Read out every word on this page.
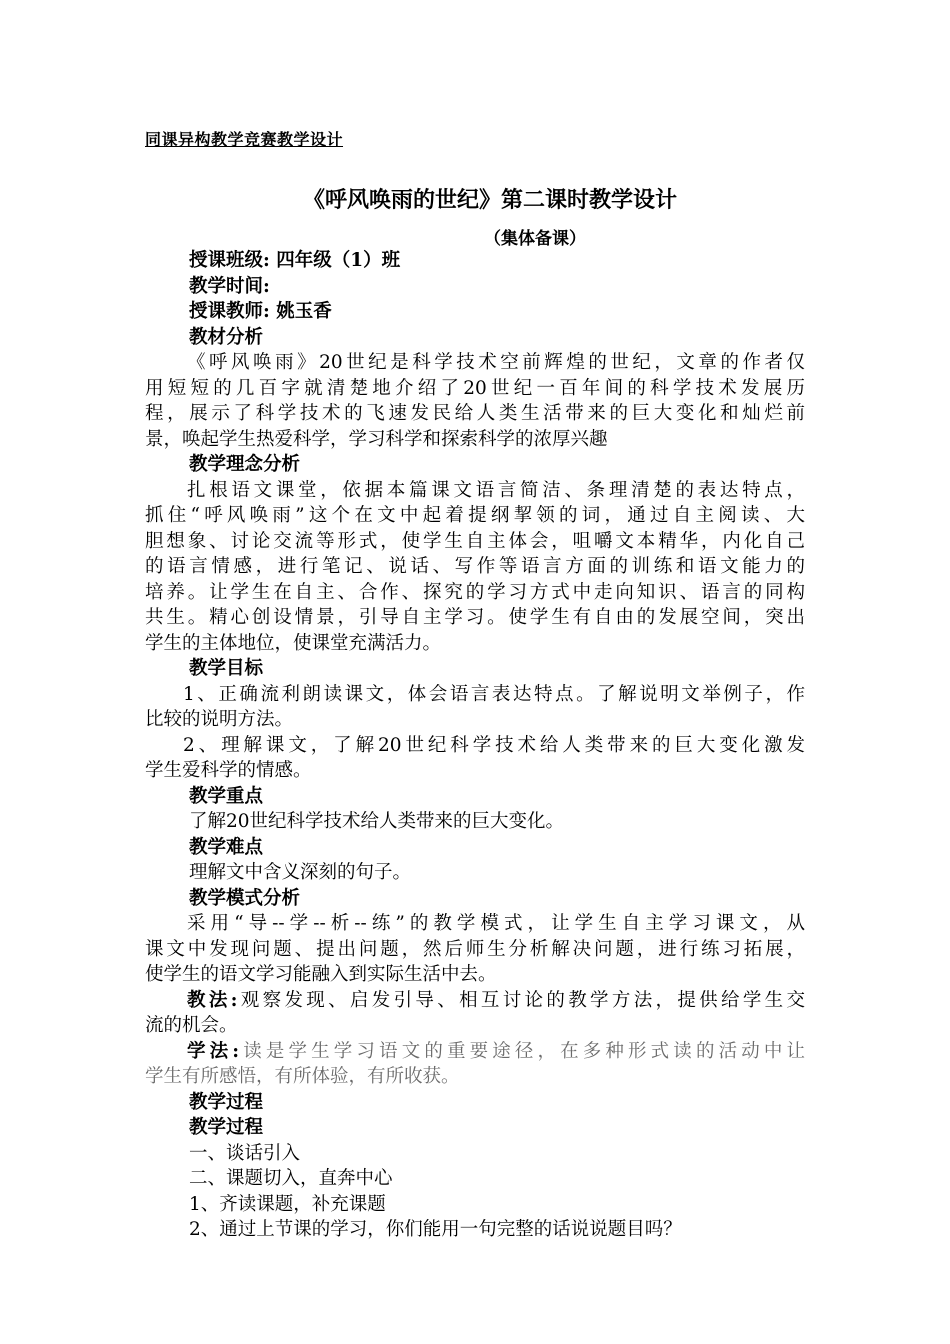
同课异构教学竞赛教学设计
《呼风唤雨的世纪》第二课时教学设计
（集体备课）
授课班级: 四年级（1）班
教学时间:
授课教师: 姚玉香
教材分析
《呼风唤雨》20世纪是科学技术空前辉煌的世纪，文章的作者仅
用短短的几百字就清楚地介绍了20世纪一百年间的科学技术发展历
程，展示了科学技术的飞速发民给人类生活带来的巨大变化和灿烂前
景，唤起学生热爱科学，学习科学和探索科学的浓厚兴趣
教学理念分析
扎根语文课堂，依据本篇课文语言简洁、条理清楚的表达特点，
抓住“呼风唤雨”这个在文中起着提纲挈领的词，通过自主阅读、大
胆想象、讨论交流等形式，使学生自主体会，咀嚼文本精华，内化自己
的语言情感，进行笔记、说话、写作等语言方面的训练和语文能力的
培养。让学生在自主、合作、探究的学习方式中走向知识、语言的同构
共生。精心创设情景，引导自主学习。使学生有自由的发展空间，突出
学生的主体地位，使课堂充满活力。
教学目标
1、正确流利朗读课文，体会语言表达特点。了解说明文举例子，作
比较的说明方法。
2、理解课文，了解20世纪科学技术给人类带来的巨大变化激发
学生爱科学的情感。
教学重点
了解20世纪科学技术给人类带来的巨大变化。
教学难点
理解文中含义深刻的句子。
教学模式分析
采用“导--学--析--练”的教学模式，让学生自主学习课文，从
课文中发现问题、提出问题，然后师生分析解决问题，进行练习拓展，
使学生的语文学习能融入到实际生活中去。
教法:观察发现、启发引导、相互讨论的教学方法，提供给学生交
流的机会。
学法:读是学生学习语文的重要途径，在多种形式读的活动中让
学生有所感悟，有所体验，有所收获。
教学过程
教学过程
一、谈话引入
二、课题切入，直奔中心
1、齐读课题，补充课题
2、通过上节课的学习，你们能用一句完整的话说说题目吗？
